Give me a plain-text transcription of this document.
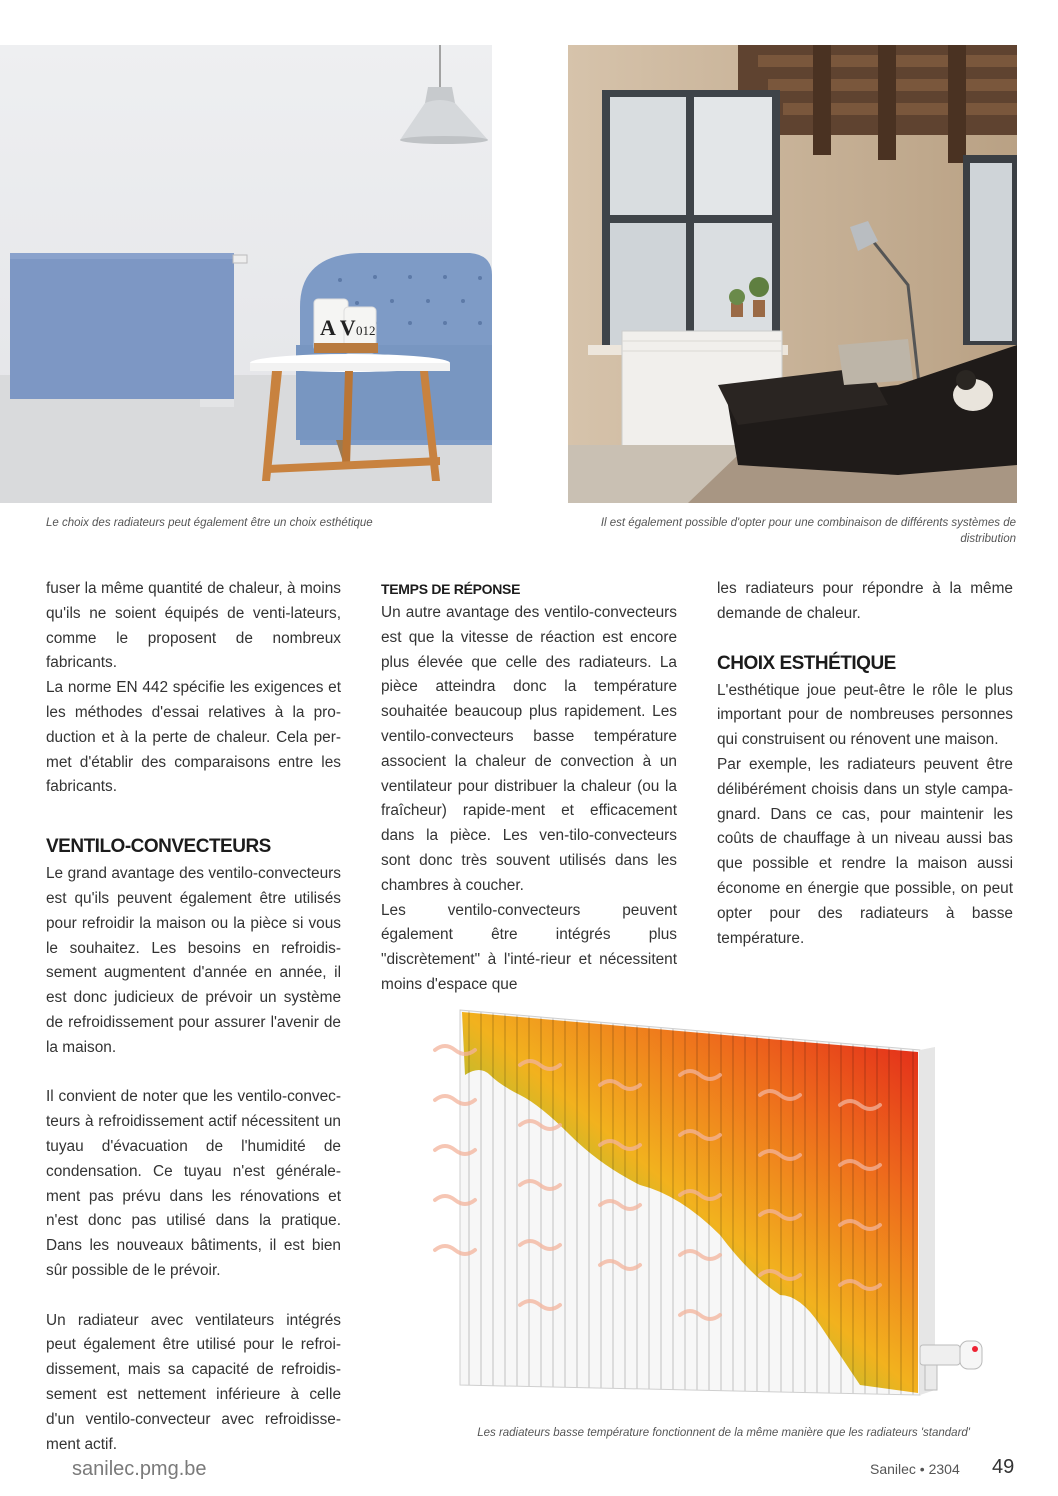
A V 012
Le choix des radiateurs peut également être un choix esthétique	Il est également possible d'opter pour une combinaison de différents systèmes de distribution

fuser la même quantité de chaleur, à moins qu'ils ne soient équipés de venti-lateurs, comme le proposent de nombreux fabricants.

La norme EN 442 spécifie les exigences et les méthodes d'essai relatives à la pro-duction et à la perte de chaleur. Cela per-met d'établir des comparaisons entre les fabricants.

VENTILO-CONVECTEURS

Le grand avantage des ventilo-convecteurs est qu'ils peuvent également être utilisés pour refroidir la maison ou la pièce si vous le souhaitez. Les besoins en refroidis-sement augmentent d'année en année, il est donc judicieux de prévoir un système de refroidissement pour assurer l'avenir de la maison.

Il convient de noter que les ventilo-convec-teurs à refroidissement actif nécessitent un tuyau d'évacuation de l'humidité de condensation. Ce tuyau n'est générale-ment pas prévu dans les rénovations et n'est donc pas utilisé dans la pratique. Dans les nouveaux bâtiments, il est bien sûr possible de le prévoir.

Un radiateur avec ventilateurs intégrés peut également être utilisé pour le refroi-dissement, mais sa capacité de refroidis-sement est nettement inférieure à celle d'un ventilo-convecteur avec refroidisse-ment actif.

TEMPS DE RÉPONSE

Un autre avantage des ventilo-convecteurs est que la vitesse de réaction est encore plus élevée que celle des radiateurs. La pièce atteindra donc la température souhaitée beaucoup plus rapidement. Les ventilo-convecteurs basse température associent la chaleur de convection à un ventilateur pour distribuer la chaleur (ou la fraîcheur) rapide-ment et efficacement dans la pièce. Les ven-tilo-convecteurs sont donc très souvent utilisés dans les chambres à coucher.

Les ventilo-convecteurs peuvent également être intégrés plus "discrètement" à l'inté-rieur et nécessitent moins d'espace que

les radiateurs pour répondre à la même demande de chaleur.

CHOIX ESTHÉTIQUE

L'esthétique joue peut-être le rôle le plus important pour de nombreuses personnes qui construisent ou rénovent une maison.

Par exemple, les radiateurs peuvent être délibérément choisis dans un style campa-gnard. Dans ce cas, pour maintenir les coûts de chauffage à un niveau aussi bas que possible et rendre la maison aussi économe en énergie que possible, on peut opter pour des radiateurs à basse température.

Les radiateurs basse température fonctionnent de la même manière que les radiateurs 'standard'
sanilec.pmg.be	Sanilec • 2304 49
